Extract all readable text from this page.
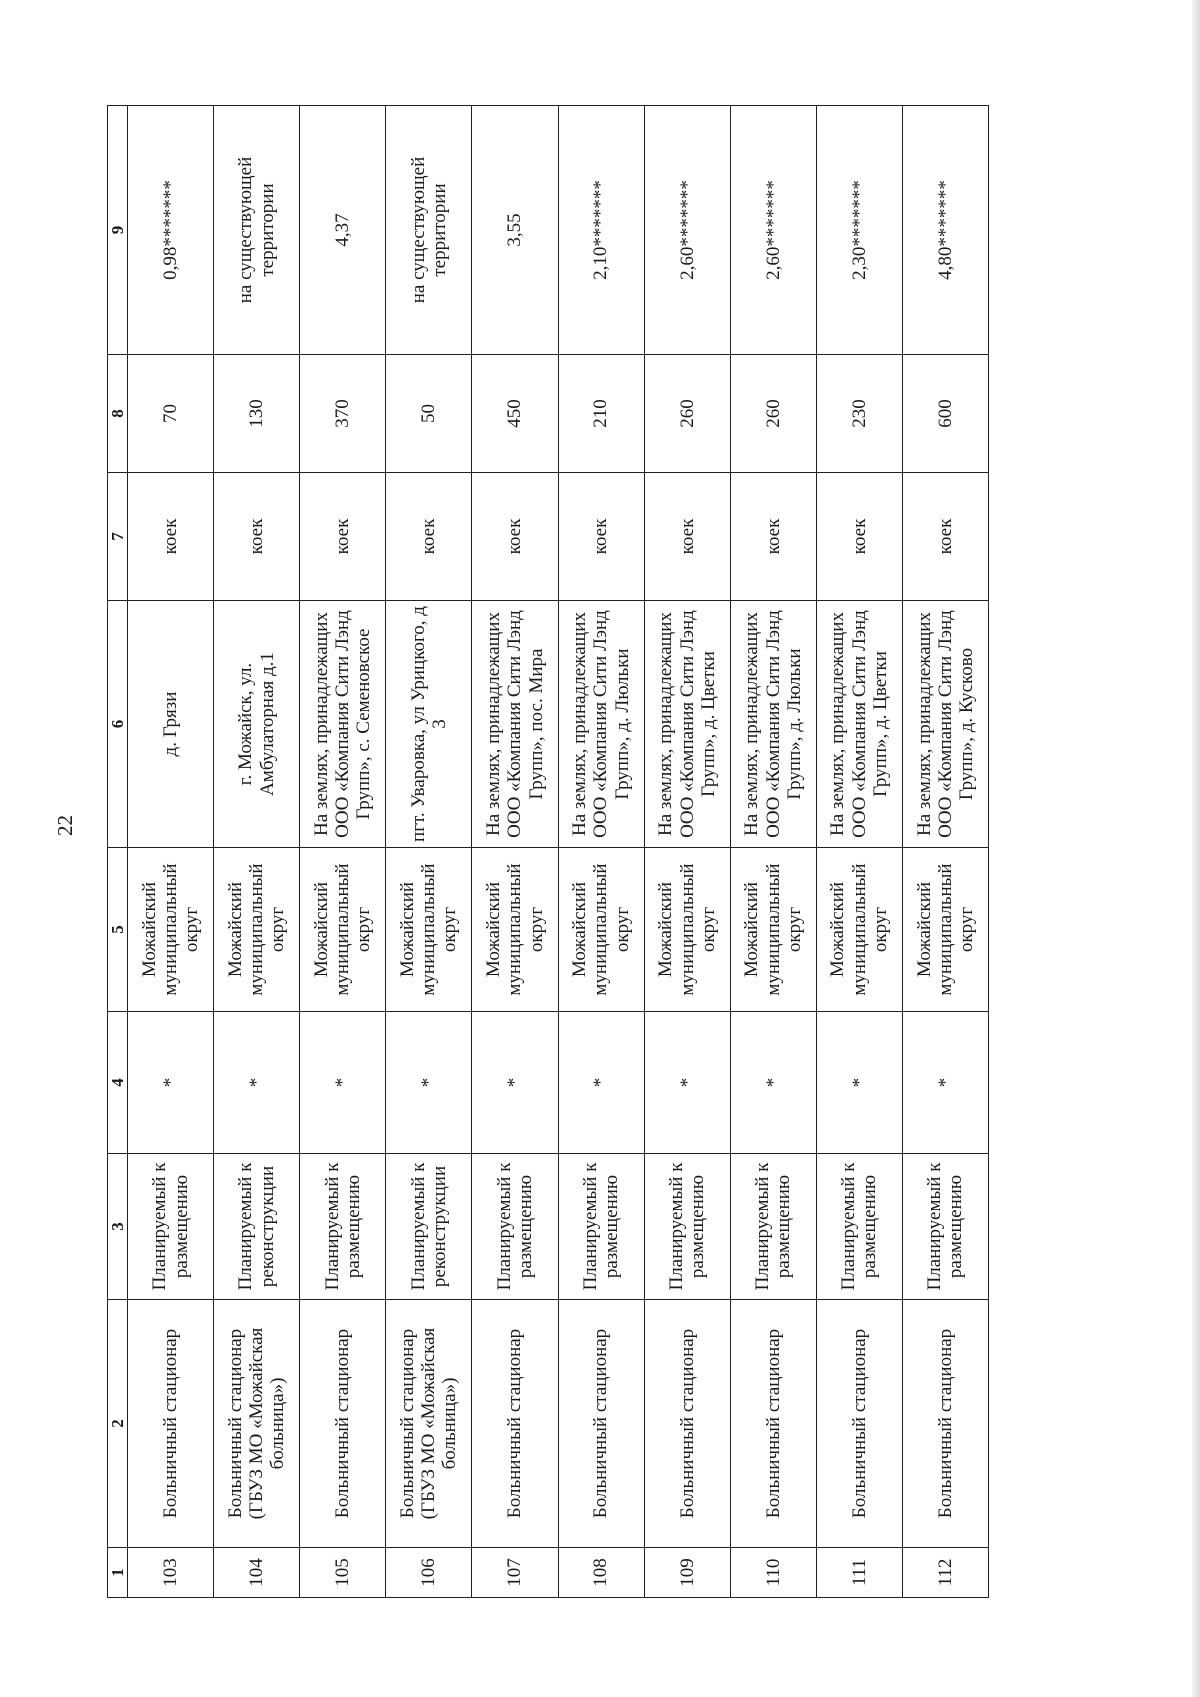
22
1	2	3	4	5	6	7	8	9
103	Больничный стационар	Планируемый к размещению	*	Можайский муниципальный округ	д. Грязи	коек	70	0,98*******
104	Больничный стационар (ГБУЗ МО «Можайская больница»)	Планируемый к реконструкции	*	Можайский муниципальный округ	г. Можайск, ул. Амбулаторная д.1	коек	130	на существующей территории
105	Больничный стационар	Планируемый к размещению	*	Можайский муниципальный округ	На землях, принадлежащих ООО «Компания Сити Лэнд Групп», с. Семеновское	коек	370	4,37
106	Больничный стационар (ГБУЗ МО «Можайская больница»)	Планируемый к реконструкции	*	Можайский муниципальный округ	пгт. Уваровка, ул Урицкого, д 3	коек	50	на существующей территории
107	Больничный стационар	Планируемый к размещению	*	Можайский муниципальный округ	На землях, принадлежащих ООО «Компания Сити Лэнд Групп», пос. Мира	коек	450	3,55
108	Больничный стационар	Планируемый к размещению	*	Можайский муниципальный округ	На землях, принадлежащих ООО «Компания Сити Лэнд Групп», д. Люльки	коек	210	2,10*******
109	Больничный стационар	Планируемый к размещению	*	Можайский муниципальный округ	На землях, принадлежащих ООО «Компания Сити Лэнд Групп», д. Цветки	коек	260	2,60*******
110	Больничный стационар	Планируемый к размещению	*	Можайский муниципальный округ	На землях, принадлежащих ООО «Компания Сити Лэнд Групп», д. Люльки	коек	260	2,60*******
111	Больничный стационар	Планируемый к размещению	*	Можайский муниципальный округ	На землях, принадлежащих ООО «Компания Сити Лэнд Групп», д. Цветки	коек	230	2,30*******
112	Больничный стационар	Планируемый к размещению	*	Можайский муниципальный округ	На землях, принадлежащих ООО «Компания Сити Лэнд Групп», д. Кусково	коек	600	4,80*******
